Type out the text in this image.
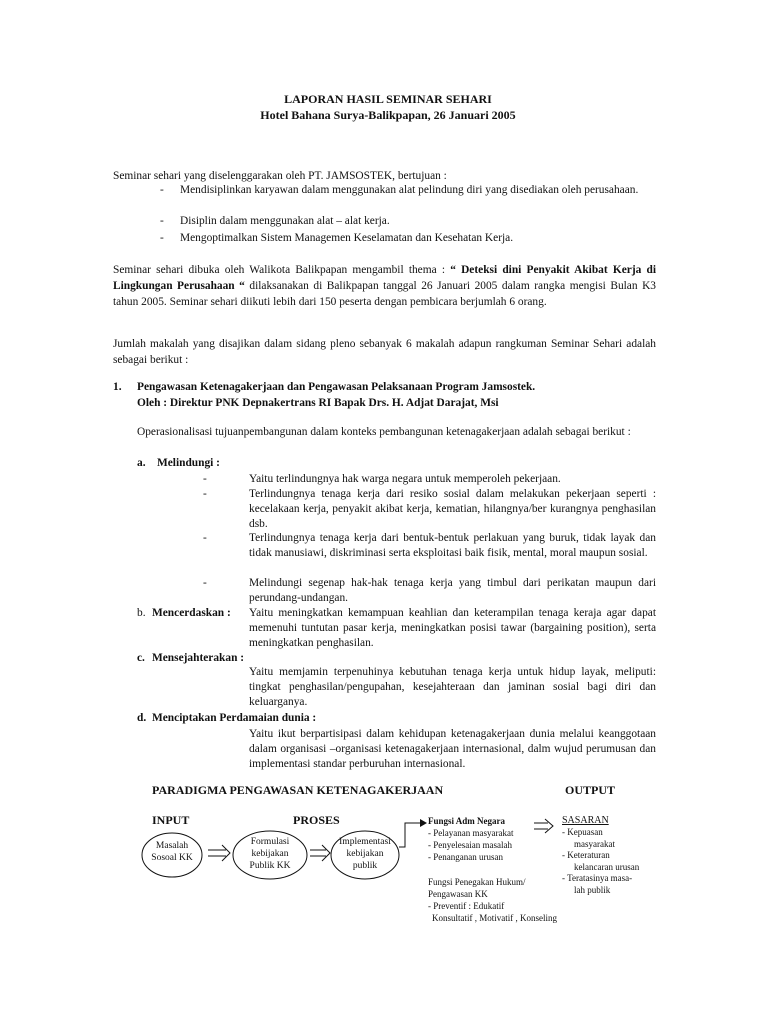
LAPORAN HASIL SEMINAR SEHARI
Hotel Bahana Surya-Balikpapan, 26 Januari 2005
Seminar sehari yang diselenggarakan oleh PT. JAMSOSTEK, bertujuan :
- Mendisiplinkan karyawan dalam menggunakan alat pelindung diri yang disediakan oleh perusahaan.
- Disiplin dalam menggunakan alat – alat kerja.
- Mengoptimalkan Sistem Managemen Keselamatan dan Kesehatan Kerja.
Seminar sehari dibuka oleh Walikota Balikpapan mengambil thema : “ Deteksi dini Penyakit Akibat Kerja di Lingkungan Perusahaan “ dilaksanakan di Balikpapan tanggal 26 Januari 2005 dalam rangka mengisi Bulan K3 tahun 2005. Seminar sehari diikuti lebih dari 150 peserta dengan pembicara berjumlah 6 orang.
Jumlah makalah yang disajikan dalam sidang pleno sebanyak 6 makalah adapun rangkuman Seminar Sehari adalah sebagai berikut :
1. Pengawasan Ketenagakerjaan dan Pengawasan Pelaksanaan Program Jamsostek.
Oleh : Direktur PNK Depnakertrans RI Bapak Drs. H. Adjat Darajat, Msi
Operasionalisasi tujuanpembangunan dalam konteks pembangunan ketenagakerjaan adalah sebagai berikut :
a. Melindungi :
-	Yaitu terlindungnya hak warga negara untuk memperoleh pekerjaan.
-	Terlindungnya tenaga kerja dari resiko sosial dalam melakukan pekerjaan seperti : kecelakaan kerja, penyakit akibat kerja, kematian, hilangnya/ber kurangnya penghasilan dsb.
-	Terlindungnya tenaga kerja dari bentuk-bentuk perlakuan yang buruk, tidak layak dan tidak manusiawi, diskriminasi serta eksploitasi baik fisik, mental, moral maupun sosial.
-	Melindungi segenap hak-hak tenaga kerja yang timbul dari perikatan maupun dari perundang-undangan.
b. Mencerdaskan : Yaitu meningkatkan kemampuan keahlian dan keterampilan tenaga keraja agar dapat memenuhi tuntutan pasar kerja, meningkatkan posisi tawar (bargaining position), serta meningkatkan penghasilan.
c. Mensejahterakan :
Yaitu memjamin terpenuhinya kebutuhan tenaga kerja untuk hidup layak, meliputi: tingkat penghasilan/pengupahan, kesejahteraan dan jaminan sosial bagi diri dan keluarganya.
d. Menciptakan Perdamaian dunia :
Yaitu ikut berpartisipasi dalam kehidupan ketenagakerjaan dunia melalui keanggotaan dalam organisasi –organisasi ketenagakerjaan internasional, dalm wujud perumusan dan implementasi standar perburuhan internasional.
PARADIGMA PENGAWASAN KETENAGAKERJAAN	OUTPUT
INPUT	PROSES
Masalah
Sosoal KK
Formulasi
kebijakan
Publik KK
Implementasi
kebijakan
publik
Fungsi Adm Negara
- Pelayanan masyarakat
- Penyelesaian masalah
- Penanganan urusan
Fungsi Penegakan Hukum/
Pengawasan KK
- Preventif : Edukatif
Konsultatif , Motivatif , Konseling
SASARAN
- Kepuasan
masyarakat
- Keteraturan
kelancaran urusan
- Teratasinya masa-
lah publik
